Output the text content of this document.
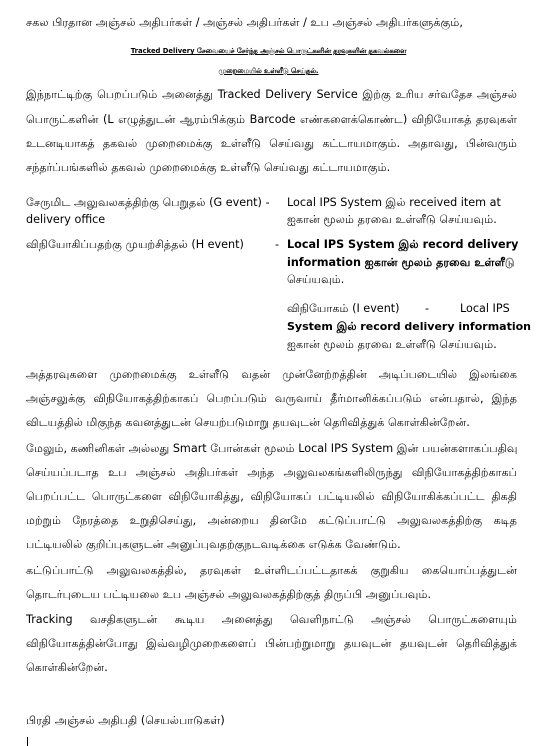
சகல பிரதான அஞ்சல் அதிபர்கள் / அஞ்சல் அதிபர்கள் / உப அஞ்சல் அதிபர்களுக்கும்,
Tracked Delivery சேவையைச் சேர்ந்த அஞ்சல் பொருட்களின் தரவுகளின் தகவல்களை
முறைமையில் உள்ளீடு செய்தல்.
இந்நாட்டிற்கு பெறப்படும் அனைத்து Tracked Delivery Service இற்கு உரிய சர்வதேச அஞ்சல்
பொருட்களின் (L எழுத்துடன் ஆரம்பிக்கும் Barcode எண்களைக்கொண்ட) விநியோகத் தரவுகள்
உடனடியாகத் தகவல் முறைமைக்கு உள்ளீடு செய்வது கட்டாயமாகும். அதாவது, பின்வரும்
சந்தர்ப்பங்களில் தகவல் முறைமைக்கு உள்ளீடு செய்வது கட்டாயமாகும்.
சேருமிட அலுவலகத்திற்கு பெறுதல் (G event) - Local IPS System இல் received item at
delivery office	ஐகான் மூலம் தரவை உள்ளீடு செய்யவும்.
விநியோகிப்பதற்கு முயற்சித்தல் (H event)	- Local IPS System இல் record delivery
information ஐகான் மூலம் தரவை உள்ளீடு
செய்யவும்.
விநியோகம் (I event) -	Local IPS
System இல் record delivery information
ஐகான் மூலம் தரவை உள்ளீடு செய்யவும்.
அத்தரவுகளை முறைமைக்கு உள்ளீடு வதன் முன்னேற்றத்தின் அடிப்படையில் இலங்கை
அஞ்சலுக்கு விநியோகத்திற்காகப் பெறப்படும் வருவாய் தீர்மானிக்கப்படும் என்பதால், இந்த
விடயத்தில் மிகுந்த கவனத்துடன் செயற்படுமாறு தயவுடன் தெரிவித்துக் கொள்கின்றேன்.
மேலும், கணினிகள் அல்லது Smart போன்கள் மூலம் Local IPS System இன் பயன்களாகப்பதிவு
செய்யப்படாத உப அஞ்சல் அதிபர்கள் அந்த அலுவலகங்களிலிருந்து விநியோகத்திற்காகப்
பெறப்பட்ட பொருட்களை விநியோகித்து, விநியோகப் பட்டியலில் விநியோகிக்கப்பட்ட திகதி
மற்றும் நேரத்தை உறுதிசெய்து, அன்றைய தினமே கட்டுப்பாட்டு அலுவலகத்திற்கு கடித
பட்டியலில் குறிப்புகளுடன் அனுப்புவதற்குநடவடிக்கை எடுக்க வேண்டும்.
கட்டுப்பாட்டு அலுவலகத்தில், தரவுகள் உள்ளிடப்பட்டதாகக் குறுகிய கையொப்பத்துடன்
தொடர்புடைய பட்டியலை உப அஞ்சல் அலுவலகத்திற்குத் திருப்பி அனுப்பவும்.
Tracking வசதிகளுடன் கூடிய அனைத்து வெளிநாட்டு அஞ்சல் பொருட்களையும்
விநியோகத்தின்போது இவ்வழிமுறைகளைப் பின்பற்றுமாறு தயவுடன் தயவுடன் தெரிவித்துக்
கொள்கின்றேன்.
பிரதி அஞ்சல் அதிபதி (செயல்பாடுகள்)
